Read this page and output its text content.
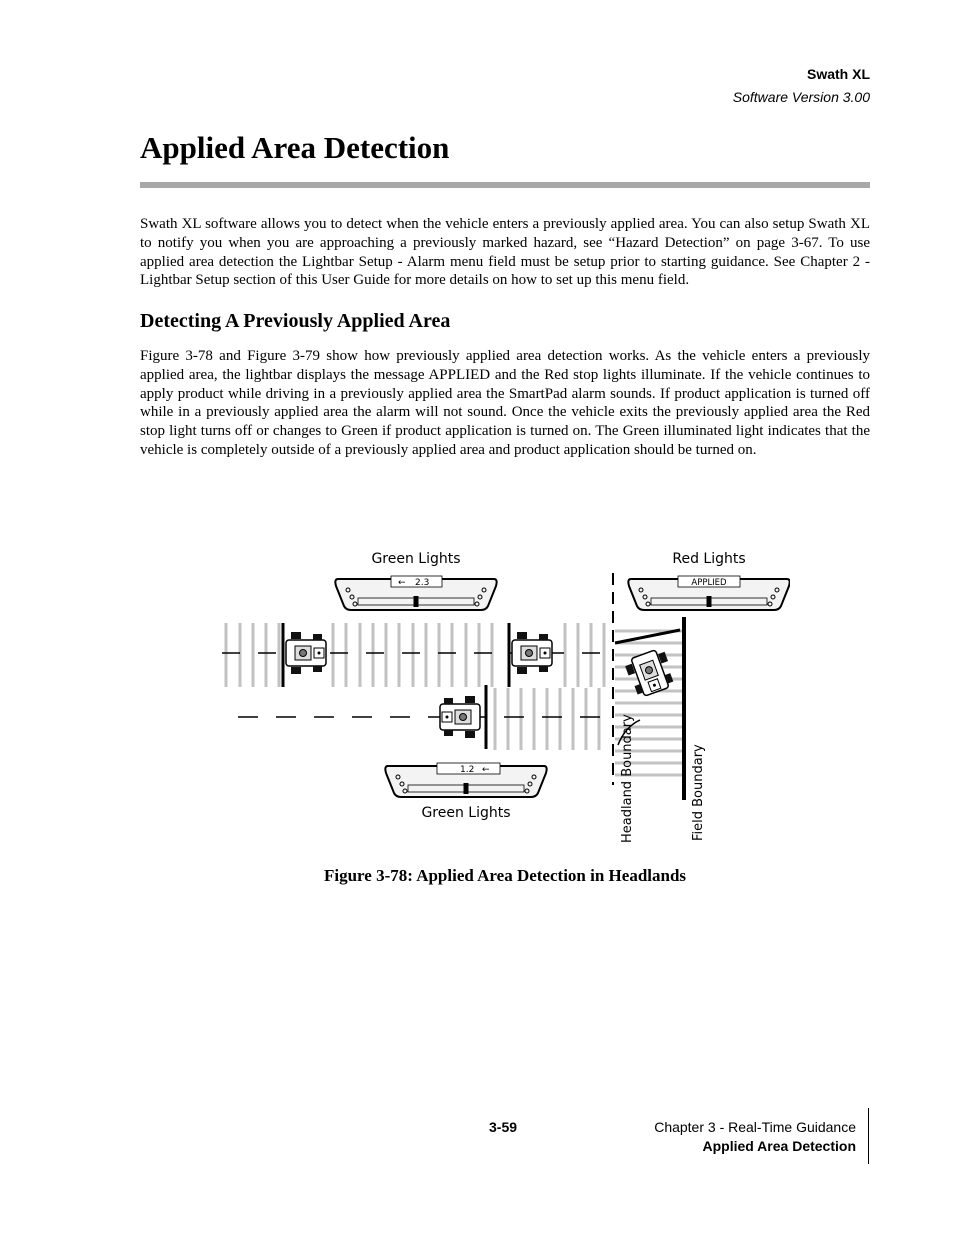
Swath XL
Software Version 3.00
Applied Area Detection

Swath XL software allows you to detect when the vehicle enters a previously applied area. You can also setup Swath XL to notify you when you are approaching a previously marked hazard, see “Hazard Detection” on page 3-67. To use applied area detection the Lightbar Setup - Alarm menu field must be setup prior to starting guidance. See Chapter 2 - Lightbar Setup section of this User Guide for more details on how to set up this menu field.

Detecting A Previously Applied Area

Figure 3-78 and Figure 3-79 show how previously applied area detection works. As the vehicle enters a previously applied area, the lightbar displays the message APPLIED and the Red stop lights illuminate. If the vehicle continues to apply product while driving in a previously applied area the SmartPad alarm sounds. If product application is turned off while in a previously applied area the alarm will not sound. Once the vehicle exits the previously applied area the Red stop light turns off or changes to Green if product application is turned on. The Green illuminated light indicates that the vehicle is completely outside of a previously applied area and product application should be turned on.

← 2.3	APPLIED
1.2 ←
Green Lights	Red Lights
Green Lights	Headland Boundary	Field Boundary
Figure 3-78: Applied Area Detection in Headlands
3-59	Chapter 3 - Real-Time Guidance
Applied Area Detection
